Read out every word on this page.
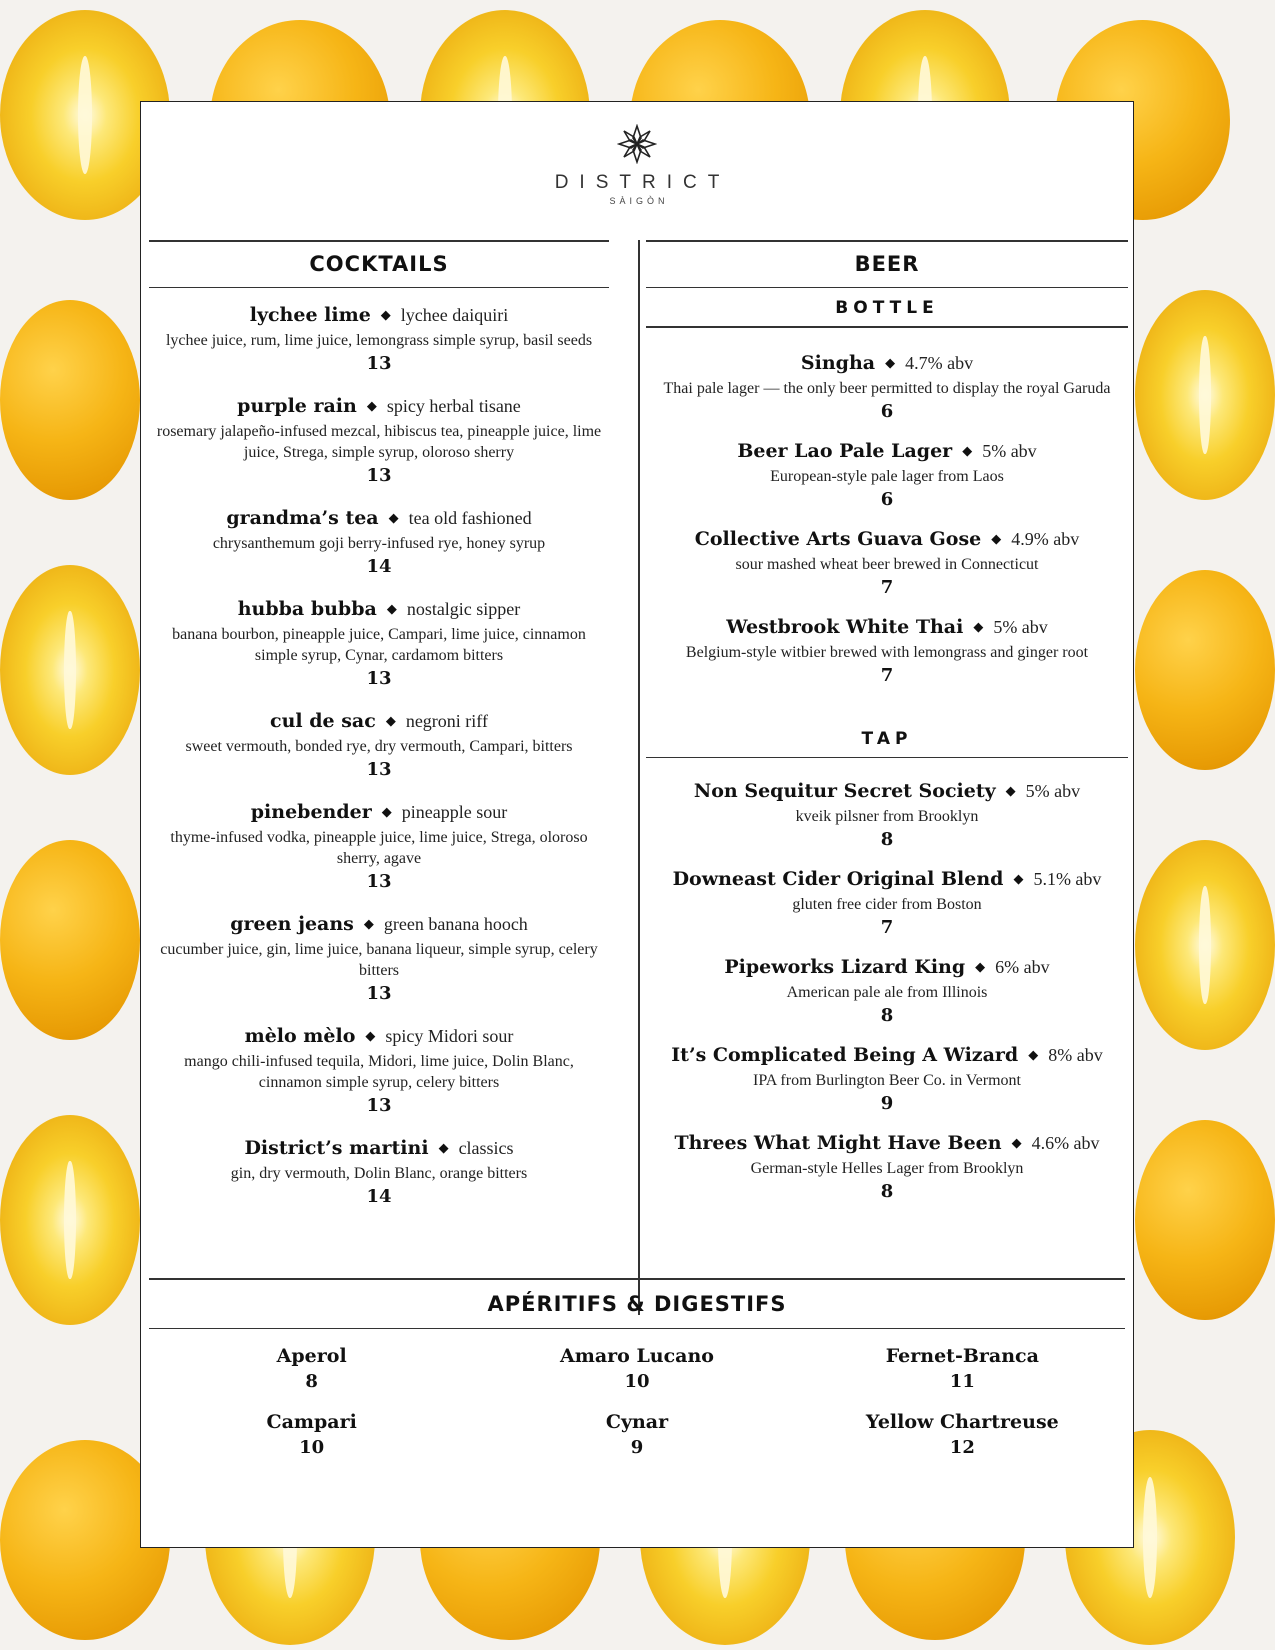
DISTRICT
SÀIGÒN
COCKTAILS
lychee lime ◆ lychee daiquiri
lychee juice, rum, lime juice, lemongrass simple syrup, basil seeds
13
purple rain ◆ spicy herbal tisane
rosemary jalapeño-infused mezcal, hibiscus tea, pineapple juice, lime juice, Strega, simple syrup, oloroso sherry
13
grandma’s tea ◆ tea old fashioned
chrysanthemum goji berry-infused rye, honey syrup
14
hubba bubba ◆ nostalgic sipper
banana bourbon, pineapple juice, Campari, lime juice, cinnamon simple syrup, Cynar, cardamom bitters
13
cul de sac ◆ negroni riff
sweet vermouth, bonded rye, dry vermouth, Campari, bitters
13
pinebender ◆ pineapple sour
thyme-infused vodka, pineapple juice, lime juice, Strega, oloroso sherry, agave
13
green jeans ◆ green banana hooch
cucumber juice, gin, lime juice, banana liqueur, simple syrup, celery bitters
13
mèlo mèlo ◆ spicy Midori sour
mango chili-infused tequila, Midori, lime juice, Dolin Blanc, cinnamon simple syrup, celery bitters
13
District’s martini ◆ classics
gin, dry vermouth, Dolin Blanc, orange bitters
14
BEER
BOTTLE
Singha ◆ 4.7% abv
Thai pale lager — the only beer permitted to display the royal Garuda
6
Beer Lao Pale Lager ◆ 5% abv
European-style pale lager from Laos
6
Collective Arts Guava Gose ◆ 4.9% abv
sour mashed wheat beer brewed in Connecticut
7
Westbrook White Thai ◆ 5% abv
Belgium-style witbier brewed with lemongrass and ginger root
7
TAP
Non Sequitur Secret Society ◆ 5% abv
kveik pilsner from Brooklyn
8
Downeast Cider Original Blend ◆ 5.1% abv
gluten free cider from Boston
7
Pipeworks Lizard King ◆ 6% abv
American pale ale from Illinois
8
It’s Complicated Being A Wizard ◆ 8% abv
IPA from Burlington Beer Co. in Vermont
9
Threes What Might Have Been ◆ 4.6% abv
German-style Helles Lager from Brooklyn
8
APÉRITIFS & DIGESTIFS
Aperol
8
Amaro Lucano
10
Fernet-Branca
11
Campari
10
Cynar
9
Yellow Chartreuse
12
